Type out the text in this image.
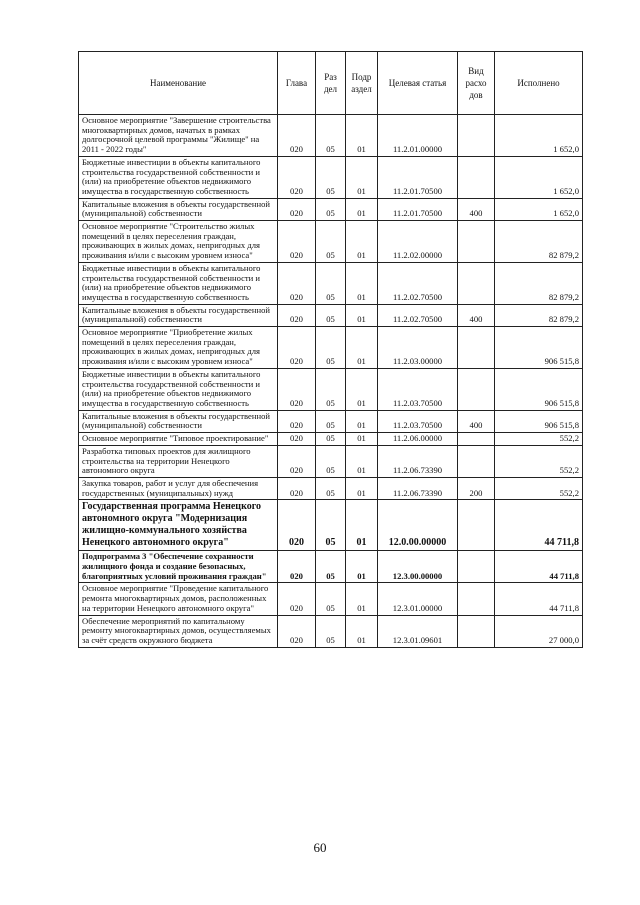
Наименование	Глава	Раз дел	Подр аздел	Целевая статья	Вид расхо дов	Исполнено
Основное мероприятие "Завершение строительства многоквартирных домов, начатых в рамках долгосрочной целевой программы "Жилище" на 2011 - 2022 годы"	020	05	01	11.2.01.00000		1 652,0
Бюджетные инвестиции в объекты капитального строительства государственной собственности и (или) на приобретение объектов недвижимого имущества в государственную собственность	020	05	01	11.2.01.70500		1 652,0
Капитальные вложения в объекты государственной (муниципальной) собственности	020	05	01	11.2.01.70500	400	1 652,0
Основное мероприятие "Строительство жилых помещений в целях переселения граждан, проживающих в жилых домах, непригодных для проживания и/или с высоким уровнем износа"	020	05	01	11.2.02.00000		82 879,2
Бюджетные инвестиции в объекты капитального строительства государственной собственности и (или) на приобретение объектов недвижимого имущества в государственную собственность	020	05	01	11.2.02.70500		82 879,2
Капитальные вложения в объекты государственной (муниципальной) собственности	020	05	01	11.2.02.70500	400	82 879,2
Основное мероприятие "Приобретение жилых помещений в целях переселения граждан, проживающих в жилых домах, непригодных для проживания и/или с высоким уровнем износа"	020	05	01	11.2.03.00000		906 515,8
Бюджетные инвестиции в объекты капитального строительства государственной собственности и (или) на приобретение объектов недвижимого имущества в государственную собственность	020	05	01	11.2.03.70500		906 515,8
Капитальные вложения в объекты государственной (муниципальной) собственности	020	05	01	11.2.03.70500	400	906 515,8
Основное мероприятие "Типовое проектирование"	020	05	01	11.2.06.00000		552,2
Разработка типовых проектов для жилищного строительства на территории Ненецкого автономного округа	020	05	01	11.2.06.73390		552,2
Закупка товаров, работ и услуг для обеспечения государственных (муниципальных) нужд	020	05	01	11.2.06.73390	200	552,2
Государственная программа Ненецкого автономного округа "Модернизация жилищно-коммунального хозяйства Ненецкого автономного округа"	020	05	01	12.0.00.00000		44 711,8
Подпрограмма 3 "Обеспечение сохранности жилищного фонда и создание безопасных, благоприятных условий проживания граждан"	020	05	01	12.3.00.00000		44 711,8
Основное мероприятие "Проведение капитального ремонта многоквартирных домов, расположенных на территории Ненецкого автономного округа"	020	05	01	12.3.01.00000		44 711,8
Обеспечение мероприятий по капитальному ремонту многоквартирных домов, осуществляемых за счёт средств окружного бюджета	020	05	01	12.3.01.09601		27 000,0
60
